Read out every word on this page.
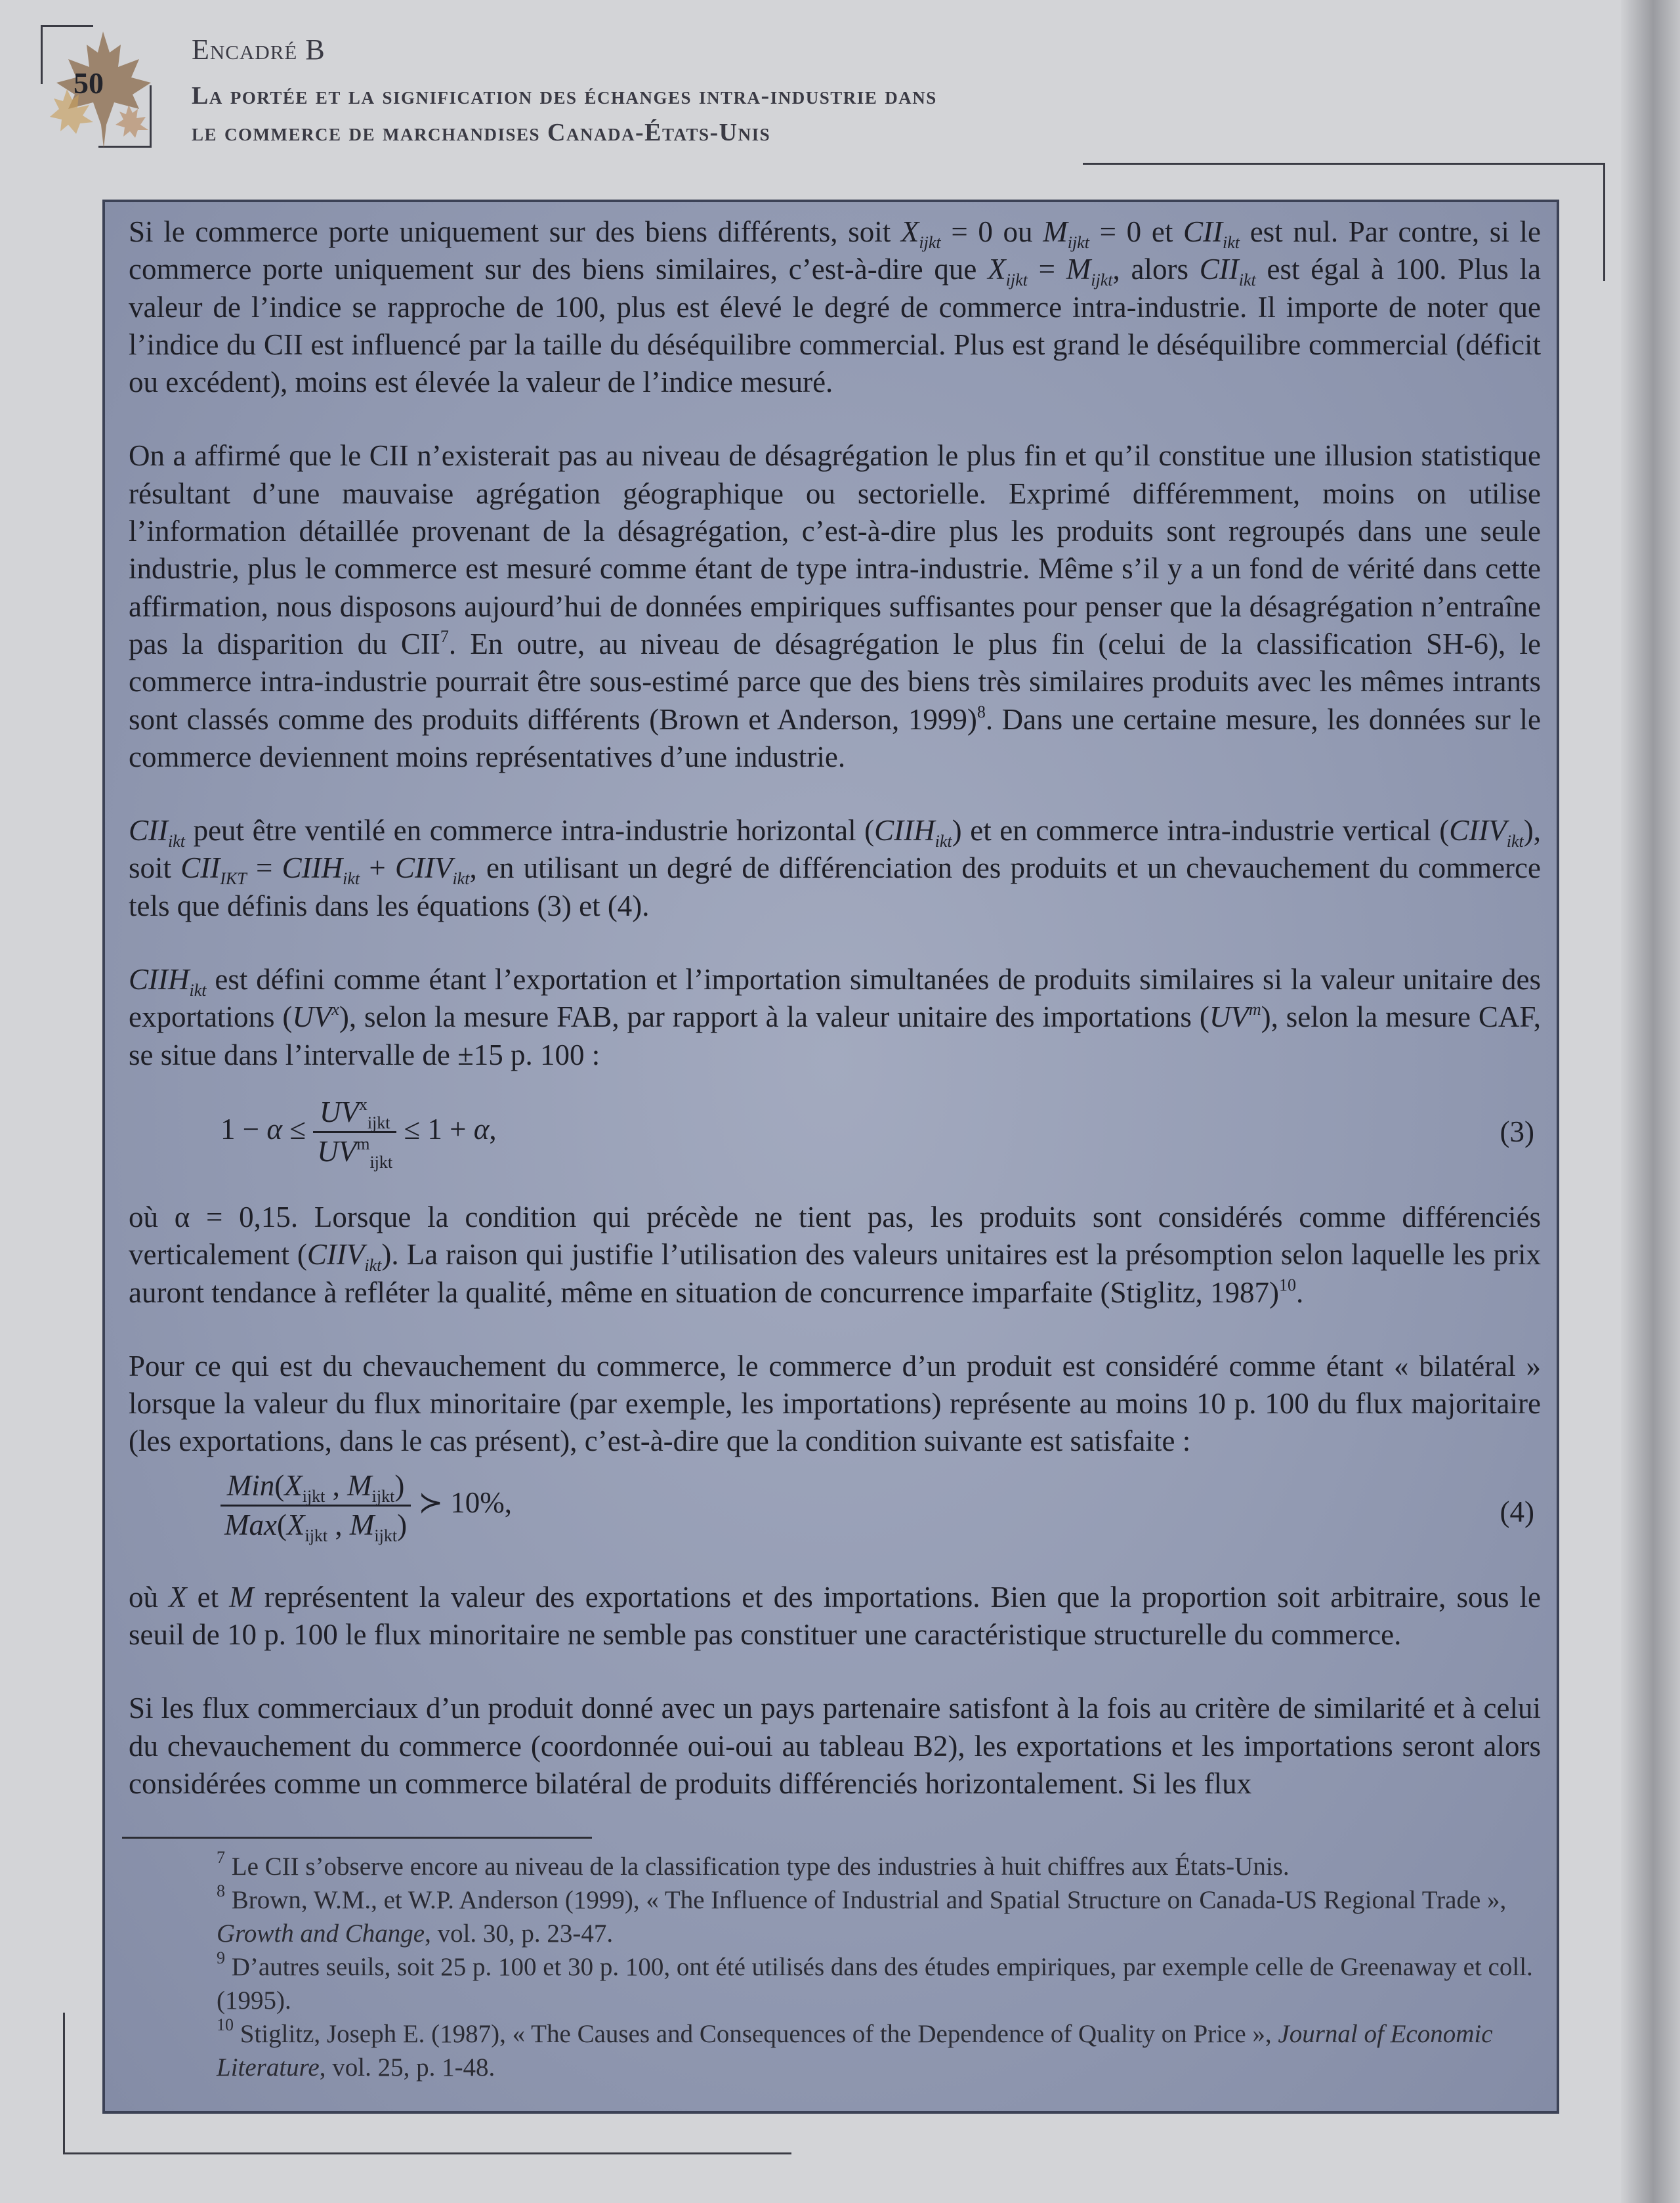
50
Encadré B
La portée et la signification des échanges intra-industrie dans
le commerce de marchandises Canada-États-Unis

Si le commerce porte uniquement sur des biens différents, soit $X_{ijkt} = 0$ ou $M_{ijkt} = 0$ et $CII_{ikt}$ est nul. Par contre, si le commerce porte uniquement sur des biens similaires, c’est-à-dire que $X_{ijkt} = M_{ijkt}$, alors $CII_{ikt}$ est égal à 100. Plus la valeur de l’indice se rapproche de 100, plus est élevé le degré de commerce intra-industrie. Il importe de noter que l’indice du CII est influencé par la taille du déséquilibre commercial. Plus est grand le déséquilibre commercial (déficit ou excédent), moins est élevée la valeur de l’indice mesuré.

On a affirmé que le CII n’existerait pas au niveau de désagrégation le plus fin et qu’il constitue une illusion statistique résultant d’une mauvaise agrégation géographique ou sectorielle. Exprimé différemment, moins on utilise l’information détaillée provenant de la désagrégation, c’est-à-dire plus les produits sont regroupés dans une seule industrie, plus le commerce est mesuré comme étant de type intra-industrie. Même s’il y a un fond de vérité dans cette affirmation, nous disposons aujourd’hui de données empiriques suffisantes pour penser que la désagrégation n’entraîne pas la disparition du CII$^7$. En outre, au niveau de désagrégation le plus fin (celui de la classification SH-6), le commerce intra-industrie pourrait être sous-estimé parce que des biens très similaires produits avec les mêmes intrants sont classés comme des produits différents (Brown et Anderson, 1999)$^8$. Dans une certaine mesure, les données sur le commerce deviennent moins représentatives d’une industrie.

$CII_{ikt}$ peut être ventilé en commerce intra-industrie horizontal $(CIIH_{ikt})$ et en commerce intra-industrie vertical $(CIIV_{ikt})$, soit $CII_{IKT}$ = $CIIH_{ikt}$ + $CIIV_{ikt}$, en utilisant un degré de différenciation des produits et un chevauchement du commerce tels que définis dans les équations (3) et (4).

$CIIH_{ikt}$ est défini comme étant l’exportation et l’importation simultanées de produits similaires si la valeur unitaire des exportations $(UV^x)$, selon la mesure FAB, par rapport à la valeur unitaire des importations $(UV^m)$, selon la mesure CAF, se situe dans l’intervalle de ±15 p. 100 :

$1 - \alpha \le \frac{UV^x_{ijkt}}{UV^m_{ijkt}} \le 1 + \alpha$,	(3)

où α = 0,15. Lorsque la condition qui précède ne tient pas, les produits sont considérés comme différenciés verticalement $(CIIV_{ikt})$. La raison qui justifie l’utilisation des valeurs unitaires est la présomption selon laquelle les prix auront tendance à refléter la qualité, même en situation de concurrence imparfaite (Stiglitz, 1987)$^{10}$.

Pour ce qui est du chevauchement du commerce, le commerce d’un produit est considéré comme étant « bilatéral » lorsque la valeur du flux minoritaire (par exemple, les importations) représente au moins 10 p. 100 du flux majoritaire (les exportations, dans le cas présent), c’est-à-dire que la condition suivante est satisfaite :

$\frac{Min(X_{ijkt} , M_{ijkt})}{Max(X_{ijkt} , M_{ijkt})}$ ≻ 10%,	(4)

où X et M représentent la valeur des exportations et des importations. Bien que la proportion soit arbitraire, sous le seuil de 10 p. 100 le flux minoritaire ne semble pas constituer une caractéristique structurelle du commerce.

Si les flux commerciaux d’un produit donné avec un pays partenaire satisfont à la fois au critère de similarité et à celui du chevauchement du commerce (coordonnée oui-oui au tableau B2), les exportations et les importations seront alors considérées comme un commerce bilatéral de produits différenciés horizontalement. Si les flux

$^7$ Le CII s’observe encore au niveau de la classification type des industries à huit chiffres aux États-Unis.

$^8$ Brown, W.M., et W.P. Anderson (1999), « The Influence of Industrial and Spatial Structure on Canada-US Regional Trade », Growth and Change, vol. 30, p. 23-47.

$^9$ D’autres seuils, soit 25 p. 100 et 30 p. 100, ont été utilisés dans des études empiriques, par exemple celle de Greenaway et coll. (1995).

$^{10}$ Stiglitz, Joseph E. (1987), « The Causes and Consequences of the Dependence of Quality on Price », Journal of Economic Literature, vol. 25, p. 1-48.
